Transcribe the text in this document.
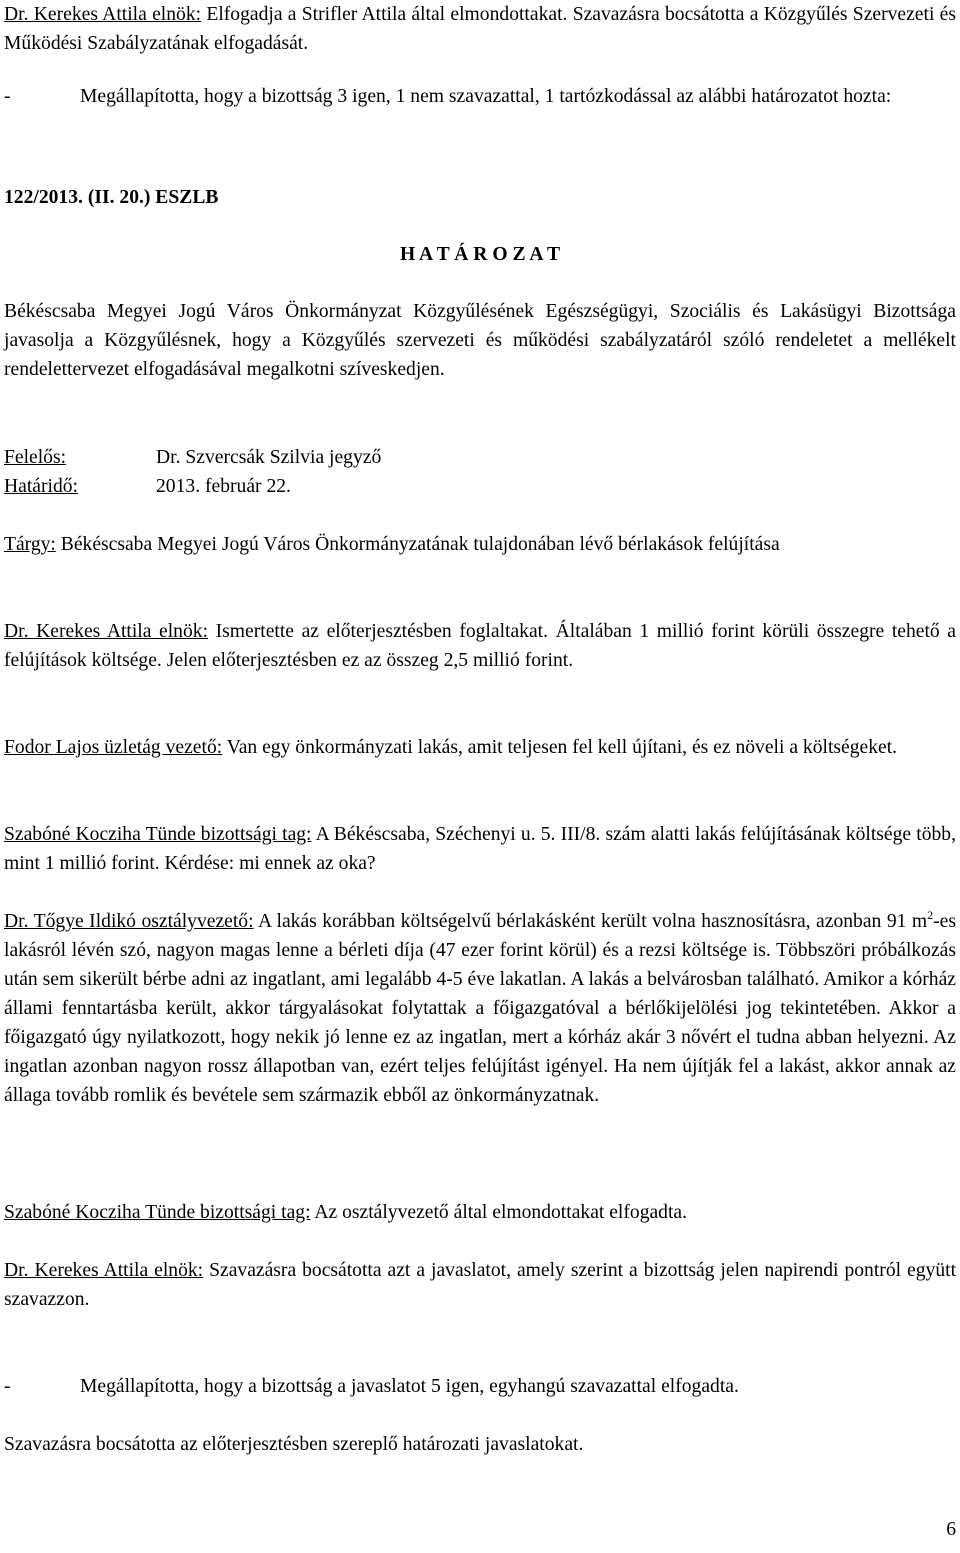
Dr. Kerekes Attila elnök: Elfogadja a Strifler Attila által elmondottakat. Szavazásra bocsátotta a Közgyűlés Szervezeti és Működési Szabályzatának elfogadását.

-	Megállapította, hogy a bizottság 3 igen, 1 nem szavazattal, 1 tartózkodással az alábbi határozatot hozta:
122/2013. (II. 20.) ESZLB
H A T Á R O Z A T

Békéscsaba Megyei Jogú Város Önkormányzat Közgyűlésének Egészségügyi, Szociális és Lakásügyi Bizottsága javasolja a Közgyűlésnek, hogy a Közgyűlés szervezeti és működési szabályzatáról szóló rendeletet a mellékelt rendelettervezet elfogadásával megalkotni szíveskedjen.

Felelős:	Dr. Szvercsák Szilvia jegyző
Határidő:	2013. február 22.

Tárgy: Békéscsaba Megyei Jogú Város Önkormányzatának tulajdonában lévő bérlakások felújítása

Dr. Kerekes Attila elnök: Ismertette az előterjesztésben foglaltakat. Általában 1 millió forint körüli összegre tehető a felújítások költsége. Jelen előterjesztésben ez az összeg 2,5 millió forint.

Fodor Lajos üzletág vezető: Van egy önkormányzati lakás, amit teljesen fel kell újítani, és ez növeli a költségeket.

Szabóné Kocziha Tünde bizottsági tag: A Békéscsaba, Széchenyi u. 5. III/8. szám alatti lakás felújításának költsége több, mint 1 millió forint. Kérdése: mi ennek az oka?

Dr. Tőgye Ildikó osztályvezető: A lakás korábban költségelvű bérlakásként került volna hasznosításra, azonban 91 $m^2-es$ lakásról lévén szó, nagyon magas lenne a bérleti díja (47 ezer forint körül) és a rezsi költsége is. Többszöri próbálkozás után sem sikerült bérbe adni az ingatlant, ami legalább 4-5 éve lakatlan. A lakás a belvárosban található. Amikor a kórház állami fenntartásba került, akkor tárgyalásokat folytattak a főigazgatóval a bérlőkijelölési jog tekintetében. Akkor a főigazgató úgy nyilatkozott, hogy nekik jó lenne ez az ingatlan, mert a kórház akár 3 nővért el tudna abban helyezni. Az ingatlan azonban nagyon rossz állapotban van, ezért teljes felújítást igényel. Ha nem újítják fel a lakást, akkor annak az állaga tovább romlik és bevétele sem származik ebből az önkormányzatnak.

Szabóné Kocziha Tünde bizottsági tag: Az osztályvezető által elmondottakat elfogadta.

Dr. Kerekes Attila elnök: Szavazásra bocsátotta azt a javaslatot, amely szerint a bizottság jelen napirendi pontról együtt szavazzon.

-	Megállapította, hogy a bizottság a javaslatot 5 igen, egyhangú szavazattal elfogadta.

Szavazásra bocsátotta az előterjesztésben szereplő határozati javaslatokat.

6
